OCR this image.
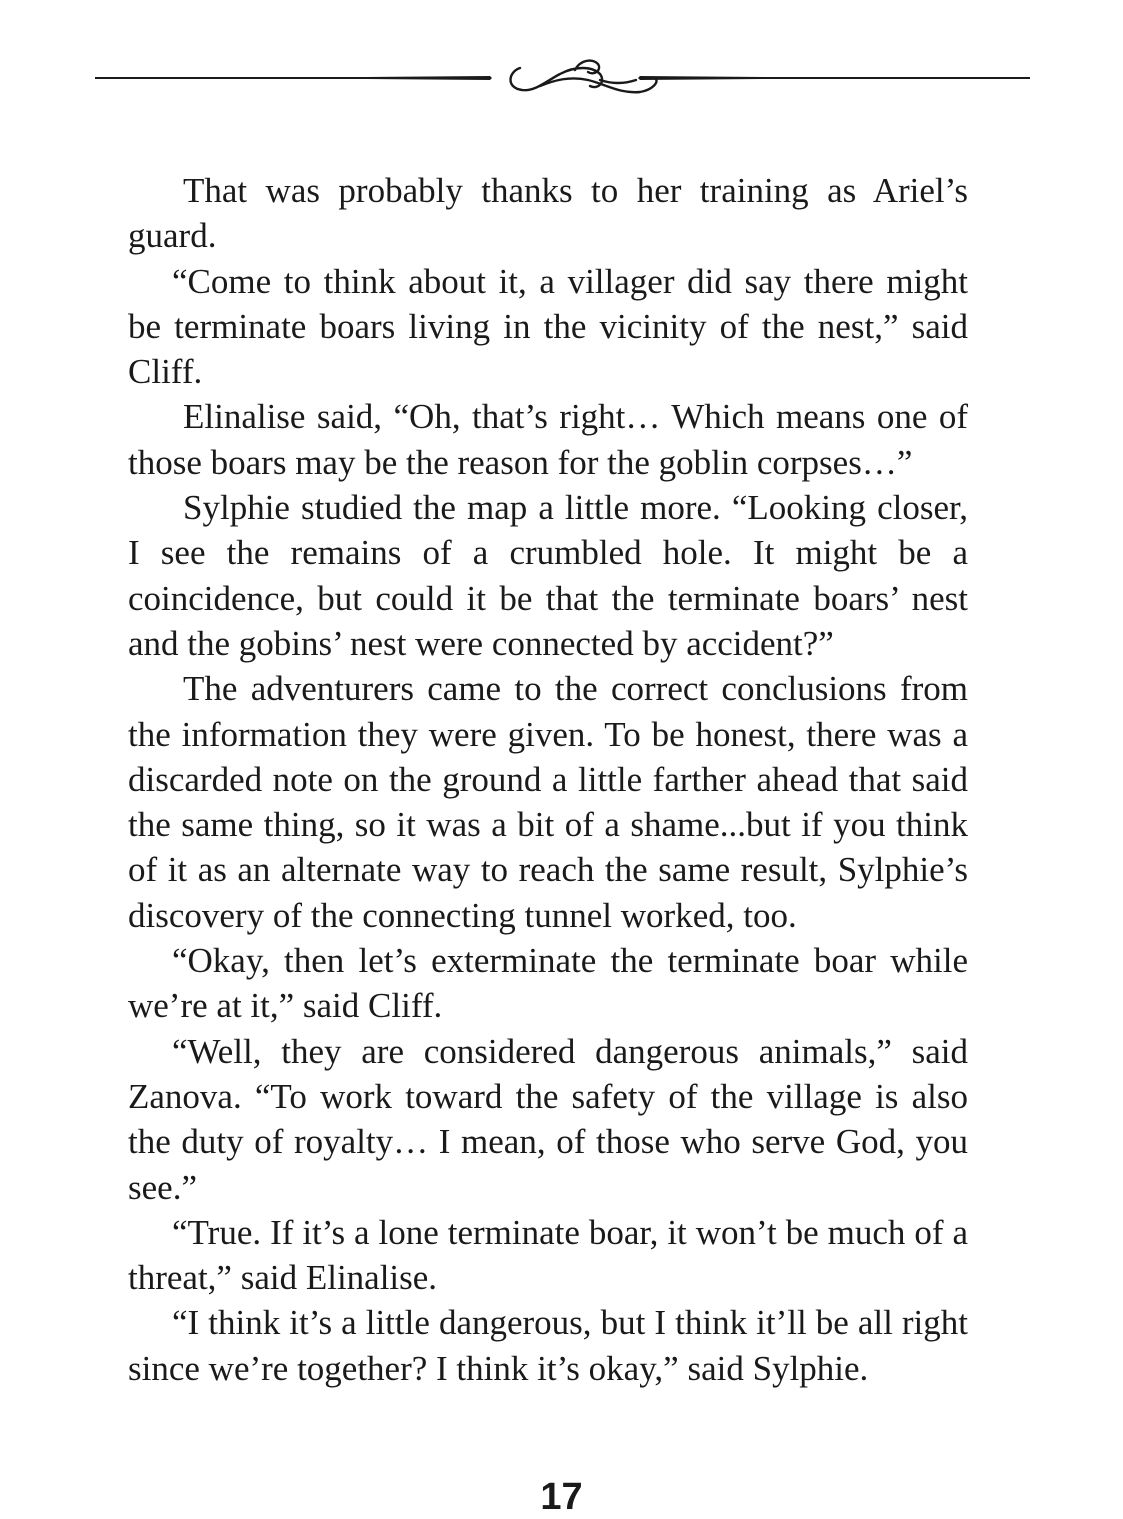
That was probably thanks to her training as Ariel’s guard.

“Come to think about it, a villager did say there might be terminate boars living in the vicinity of the nest,” said Cliff.

Elinalise said, “Oh, that’s right… Which means one of those boars may be the reason for the goblin corpses…”

Sylphie studied the map a little more. “Looking closer, I see the remains of a crumbled hole. It might be a coincidence, but could it be that the terminate boars’ nest and the gobins’ nest were connected by accident?”

The adventurers came to the correct conclusions from the information they were given. To be honest, there was a discarded note on the ground a little farther ahead that said the same thing, so it was a bit of a shame...but if you think of it as an alternate way to reach the same result, Sylphie’s discovery of the connecting tunnel worked, too.

“Okay, then let’s exterminate the terminate boar while we’re at it,” said Cliff.

“Well, they are considered dangerous animals,” said Zanova. “To work toward the safety of the village is also the duty of royalty… I mean, of those who serve God, you see.”

“True. If it’s a lone terminate boar, it won’t be much of a threat,” said Elinalise.

“I think it’s a little dangerous, but I think it’ll be all right since we’re together? I think it’s okay,” said Sylphie.

17
